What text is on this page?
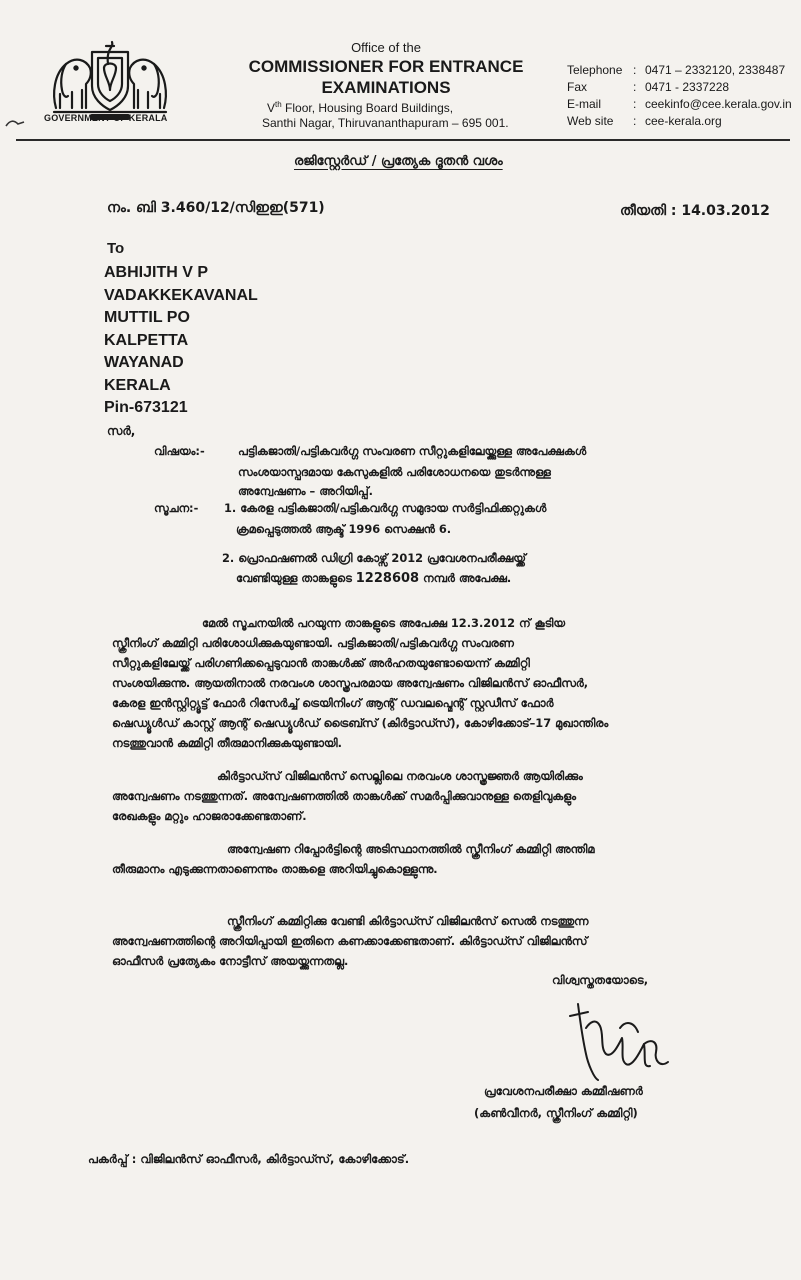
GOVERNMENT OF KERALA
Office of the
COMMISSIONER FOR ENTRANCE EXAMINATIONS
Vth Floor, Housing Board Buildings,
Santhi Nagar, Thiruvananthapuram – 695 001.
Telephone : 0471 – 2332120, 2338487
Fax	: 0471 - 2337228
E-mail	: ceekinfo@cee.kerala.gov.in
Web site : cee-kerala.org
രജിസ്റ്റേർഡ് / പ്രത്യേക ദൂതൻ വശം
നം. ബി 3.460/12/സിഇഇ(571)	തീയതി : 14.03.2012
To
ABHIJITH V P
VADAKKEKAVANAL
MUTTIL PO
KALPETTA
WAYANAD
KERALA
Pin-673121
സർ,
വിഷയം:-	പട്ടികജാതി/പട്ടികവർഗ്ഗ സംവരണ സീറ്റുകളിലേയ്ക്കുള്ള അപേക്ഷകൾ
സംശയാസ്പദമായ കേസുകളിൽ പരിശോധനയെ തുടർന്നുള്ള
അന്വേഷണം – അറിയിപ്പ്.
സൂചന:- 1. കേരള പട്ടികജാതി/പട്ടികവർഗ്ഗ സമുദായ സർട്ടിഫിക്കറ്റുകൾ
ക്രമപ്പെടുത്തൽ ആക്ട് 1996 സെക്ഷൻ 6.
2. പ്രൊഫഷണൽ ഡിഗ്രി കോഴ്സ് 2012 പ്രവേശനപരീക്ഷയ്ക്ക്
വേണ്ടിയുള്ള താങ്കളുടെ 1228608 നമ്പർ അപേക്ഷ.
മേൽ സൂചനയിൽ പറയുന്ന താങ്കളുടെ അപേക്ഷ 12.3.2012 ന് കൂടിയ
സ്ക്രീനിംഗ് കമ്മിറ്റി പരിശോധിക്കുകയുണ്ടായി. പട്ടികജാതി/പട്ടികവർഗ്ഗ സംവരണ
സീറ്റുകളിലേയ്ക്ക് പരിഗണിക്കപ്പെടുവാൻ താങ്കൾക്ക് അർഹതയുണ്ടോയെന്ന് കമ്മിറ്റി
സംശയിക്കുന്നു. ആയതിനാൽ നരവംശ ശാസ്ത്രപരമായ അന്വേഷണം വിജിലൻസ് ഓഫീസർ,
കേരള ഇൻസ്റ്റിറ്റ്യൂട്ട് ഫോർ റിസേർച്ച് ട്രെയിനിംഗ് ആന്റ് ഡവലപ്മെന്റ് സ്റ്റഡീസ് ഫോർ
ഷെഡ്യൂൾഡ് കാസ്റ്റ് ആന്റ് ഷെഡ്യൂൾഡ് ട്രൈബ്സ് (കിർട്ടാഡ്സ്), കോഴിക്കോട്–17 മുഖാന്തിരം
നടത്തുവാൻ കമ്മിറ്റി തീരുമാനിക്കുകയുണ്ടായി.
കിർട്ടാഡ്സ് വിജിലൻസ് സെല്ലിലെ നരവംശ ശാസ്ത്രജ്ഞർ ആയിരിക്കും
അന്വേഷണം നടത്തുന്നത്. അന്വേഷണത്തിൽ താങ്കൾക്ക് സമർപ്പിക്കുവാനുള്ള തെളിവുകളും
രേഖകളും മറ്റും ഹാജരാക്കേണ്ടതാണ്.
അന്വേഷണ റിപ്പോർട്ടിന്റെ അടിസ്ഥാനത്തിൽ സ്ക്രീനിംഗ് കമ്മിറ്റി അന്തിമ
തീരുമാനം എടുക്കുന്നതാണെന്നും താങ്കളെ അറിയിച്ചുകൊള്ളുന്നു.
സ്ക്രീനിംഗ് കമ്മിറ്റിക്കു വേണ്ടി കിർട്ടാഡ്സ് വിജിലൻസ് സെൽ നടത്തുന്ന
അന്വേഷണത്തിന്റെ അറിയിപ്പായി ഇതിനെ കണക്കാക്കേണ്ടതാണ്. കിർട്ടാഡ്സ് വിജിലൻസ്
ഓഫീസർ പ്രത്യേകം നോട്ടീസ് അയയ്ക്കുന്നതല്ല.
വിശ്വസ്തതയോടെ,
പ്രവേശനപരീക്ഷാ കമ്മീഷണർ
(കൺവീനർ, സ്ക്രീനിംഗ് കമ്മിറ്റി)
പകർപ്പ് : വിജിലൻസ് ഓഫീസർ, കിർട്ടാഡ്സ്, കോഴിക്കോട്.
